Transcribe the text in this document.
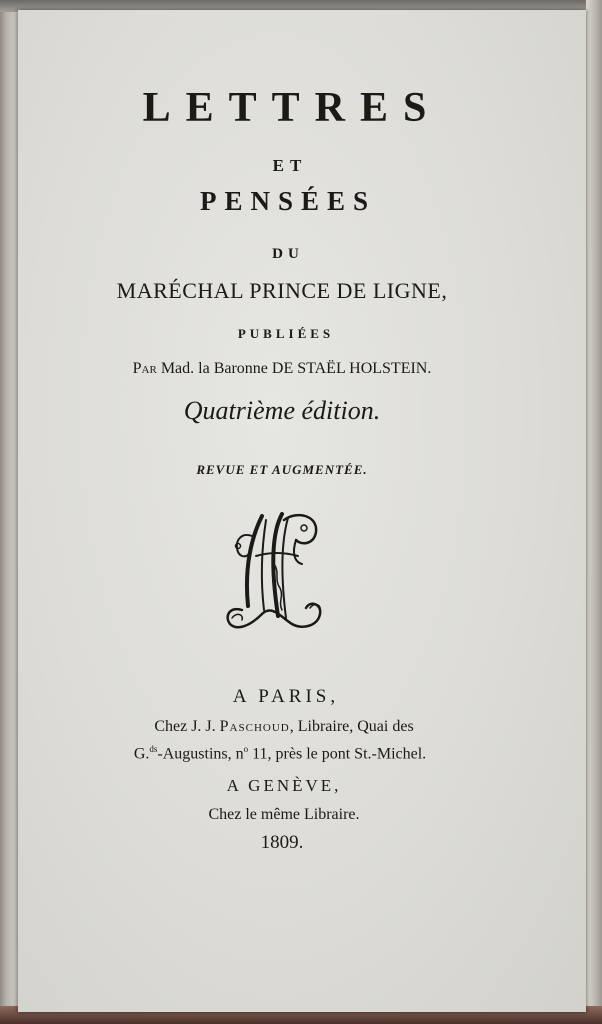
LETTRES
ET
PENSÉES
DU
MARÉCHAL PRINCE DE LIGNE,
PUBLIÉES
Par Mad. la Baronne DE STAËL HOLSTEIN.
Quatrième édition.
REVUE ET AUGMENTÉE.
A PARIS,
Chez J. J. Paschoud, Libraire, Quai des
G.$^{ds}$-Augustins, $n^o$ 11, près le pont St.-Michel.
A GENÈVE,
Chez le même Libraire.
1809.
